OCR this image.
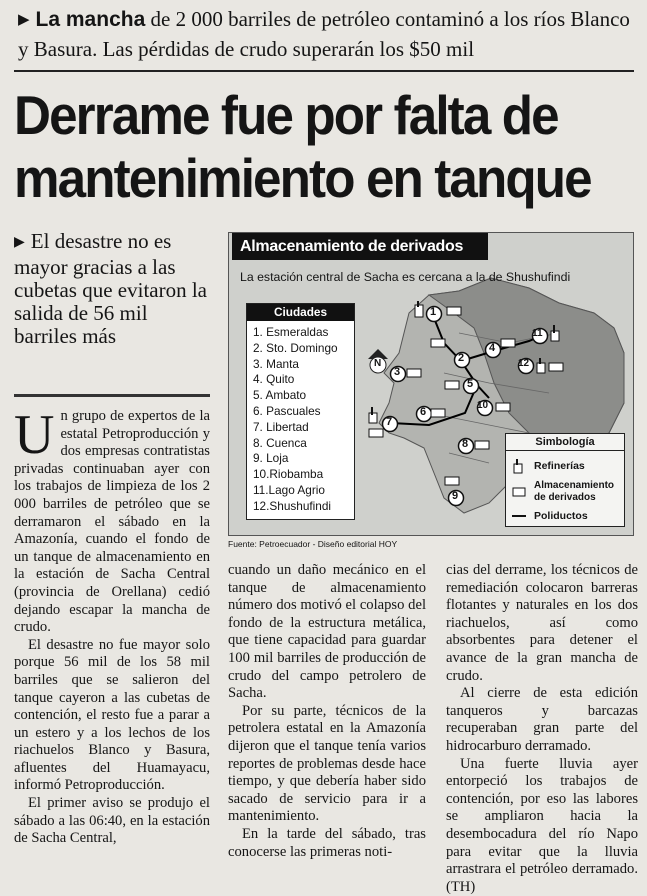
▶ La mancha de 2 000 barriles de petróleo contaminó a los ríos Blanco y Basura. Las pérdidas de crudo superarán los $50 mil
Derrame fue por falta de
mantenimiento en tanque
▶ El desastre no es mayor gracias a las cubetas que evitaron la salida de 56 mil barriles más
N
1
2
3
4
5
6
7
8
9
10
11
12
Almacenamiento de derivados
La estación central de Sacha es cercana a la de Shushufindi
Ciudades
1. Esmeraldas
2. Sto. Domingo
3. Manta
4. Quito
5. Ambato
6. Pascuales
7. Libertad
8. Cuenca
9. Loja
10.Riobamba
11.Lago Agrio
12.Shushufindi
Simbología
Refinerías
Almacenamiento de derivados
Poliductos
Fuente: Petroecuador - Diseño editorial HOY

Un grupo de expertos de la estatal Petroproducción y dos empresas contratistas privadas continuaban ayer con los trabajos de limpieza de los 2 000 barriles de petróleo que se derramaron el sábado en la Amazonía, cuando el fondo de un tanque de almacenamiento en la estación de Sacha Central (provincia de Orellana) cedió dejando escapar la mancha de crudo.

El desastre no fue mayor solo porque 56 mil de los 58 mil barriles que se salieron del tanque cayeron a las cubetas de contención, el resto fue a parar a un estero y a los lechos de los riachuelos Blanco y Basura, afluentes del Huamayacu, informó Petroproducción.

El primer aviso se produjo el sábado a las 06:40, en la estación de Sacha Central,

cuando un daño mecánico en el tanque de almacenamiento número dos motivó el colapso del fondo de la estructura metálica, que tiene capacidad para guardar 100 mil barriles de producción de crudo del campo petrolero de Sacha.

Por su parte, técnicos de la petrolera estatal en la Amazonía dijeron que el tanque tenía varios reportes de problemas desde hace tiempo, y que debería haber sido sacado de servicio para ir a mantenimiento.

En la tarde del sábado, tras conocerse las primeras noti-

cias del derrame, los técnicos de remediación colocaron barreras flotantes y naturales en los dos riachuelos, así como absorbentes para detener el avance de la gran mancha de crudo.

Al cierre de esta edición tanqueros y barcazas recuperaban gran parte del hidrocarburo derramado.

Una fuerte lluvia ayer entorpeció los trabajos de contención, por eso las labores se ampliaron hacia la desembocadura del río Napo para evitar que la lluvia arrastrara el petróleo derramado. (TH)
